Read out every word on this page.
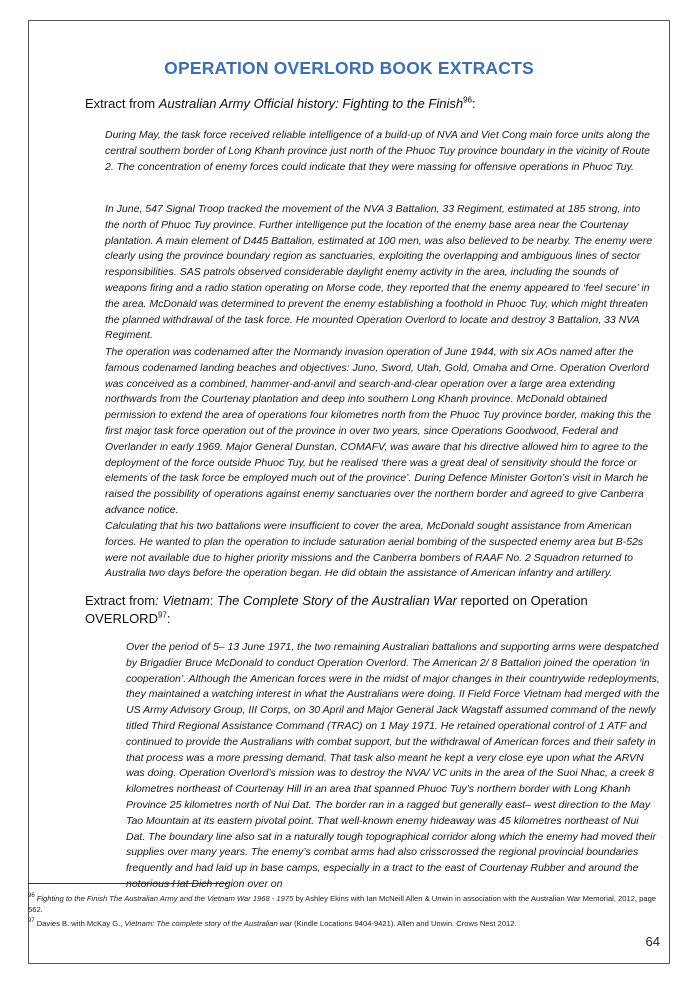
OPERATION OVERLORD BOOK EXTRACTS
Extract from Australian Army Official history: Fighting to the Finish$^{96}$:

During May, the task force received reliable intelligence of a build-up of NVA and Viet Cong main force units along the central southern border of Long Khanh province just north of the Phuoc Tuy province boundary in the vicinity of Route 2. The concentration of enemy forces could indicate that they were massing for offensive operations in Phuoc Tuy.

In June, 547 Signal Troop tracked the movement of the NVA 3 Battalion, 33 Regiment, estimated at 185 strong, into the north of Phuoc Tuy province. Further intelligence put the location of the enemy base area near the Courtenay plantation. A main element of D445 Battalion, estimated at 100 men, was also believed to be nearby. The enemy were clearly using the province boundary region as sanctuaries, exploiting the overlapping and ambiguous lines of sector responsibilities. SAS patrols observed considerable daylight enemy activity in the area, including the sounds of weapons firing and a radio station operating on Morse code, they reported that the enemy appeared to ‘feel secure’ in the area. McDonald was determined to prevent the enemy establishing a foothold in Phuoc Tuy, which might threaten the planned withdrawal of the task force. He mounted Operation Overlord to locate and destroy 3 Battalion, 33 NVA Regiment.

The operation was codenamed after the Normandy invasion operation of June 1944, with six AOs named after the famous codenamed landing beaches and objectives: Juno, Sword, Utah, Gold, Omaha and Orne. Operation Overlord was conceived as a combined, hammer-and-anvil and search-and-clear operation over a large area extending northwards from the Courtenay plantation and deep into southern Long Khanh province. McDonald obtained permission to extend the area of operations four kilometres north from the Phuoc Tuy province border, making this the first major task force operation out of the province in over two years, since Operations Goodwood, Federal and Overlander in early 1969. Major General Dunstan, COMAFV, was aware that his directive allowed him to agree to the deployment of the force outside Phuoc Tuy, but he realised ‘there was a great deal of sensitivity should the force or elements of the task force be employed much out of the province’. During Defence Minister Gorton’s visit in March he raised the possibility of operations against enemy sanctuaries over the northern border and agreed to give Canberra advance notice.

Calculating that his two battalions were insufficient to cover the area, McDonald sought assistance from American forces. He wanted to plan the operation to include saturation aerial bombing of the suspected enemy area but B-52s were not available due to higher priority missions and the Canberra bombers of RAAF No. 2 Squadron returned to Australia two days before the operation began. He did obtain the assistance of American infantry and artillery.

Extract from: Vietnam: The Complete Story of the Australian War reported on Operation OVERLORD$^{97}$:

Over the period of 5– 13 June 1971, the two remaining Australian battalions and supporting arms were despatched by Brigadier Bruce McDonald to conduct Operation Overlord. The American 2/ 8 Battalion joined the operation ‘in cooperation’. Although the American forces were in the midst of major changes in their countrywide redeployments, they maintained a watching interest in what the Australians were doing. II Field Force Vietnam had merged with the US Army Advisory Group, III Corps, on 30 April and Major General Jack Wagstaff assumed command of the newly titled Third Regional Assistance Command (TRAC) on 1 May 1971. He retained operational control of 1 ATF and continued to provide the Australians with combat support, but the withdrawal of American forces and their safety in that process was a more pressing demand. That task also meant he kept a very close eye upon what the ARVN was doing. Operation Overlord’s mission was to destroy the NVA/ VC units in the area of the Suoi Nhac, a creek 8 kilometres northeast of Courtenay Hill in an area that spanned Phuoc Tuy’s northern border with Long Khanh Province 25 kilometres north of Nui Dat. The border ran in a ragged but generally east– west direction to the May Tao Mountain at its eastern pivotal point. That well-known enemy hideaway was 45 kilometres northeast of Nui Dat. The boundary line also sat in a naturally tough topographical corridor along which the enemy had moved their supplies over many years. The enemy’s combat arms had also crisscrossed the regional provincial boundaries frequently and had laid up in base camps, especially in a tract to the east of Courtenay Rubber and around the notorious Hat Dich region over on

$^{96}$ Fighting to the Finish The Australian Army and the Vietnam War 1968 - 1975 by Ashley Ekins with Ian McNeill Allen & Unwin in association with the Australian War Memorial, 2012, page 562.
$^{97}$ Davies B. with McKay G., Vietnam: The complete story of the Australian war (Kindle Locations 9404-9421). Allen and Unwin. Crows Nest 2012.
64
